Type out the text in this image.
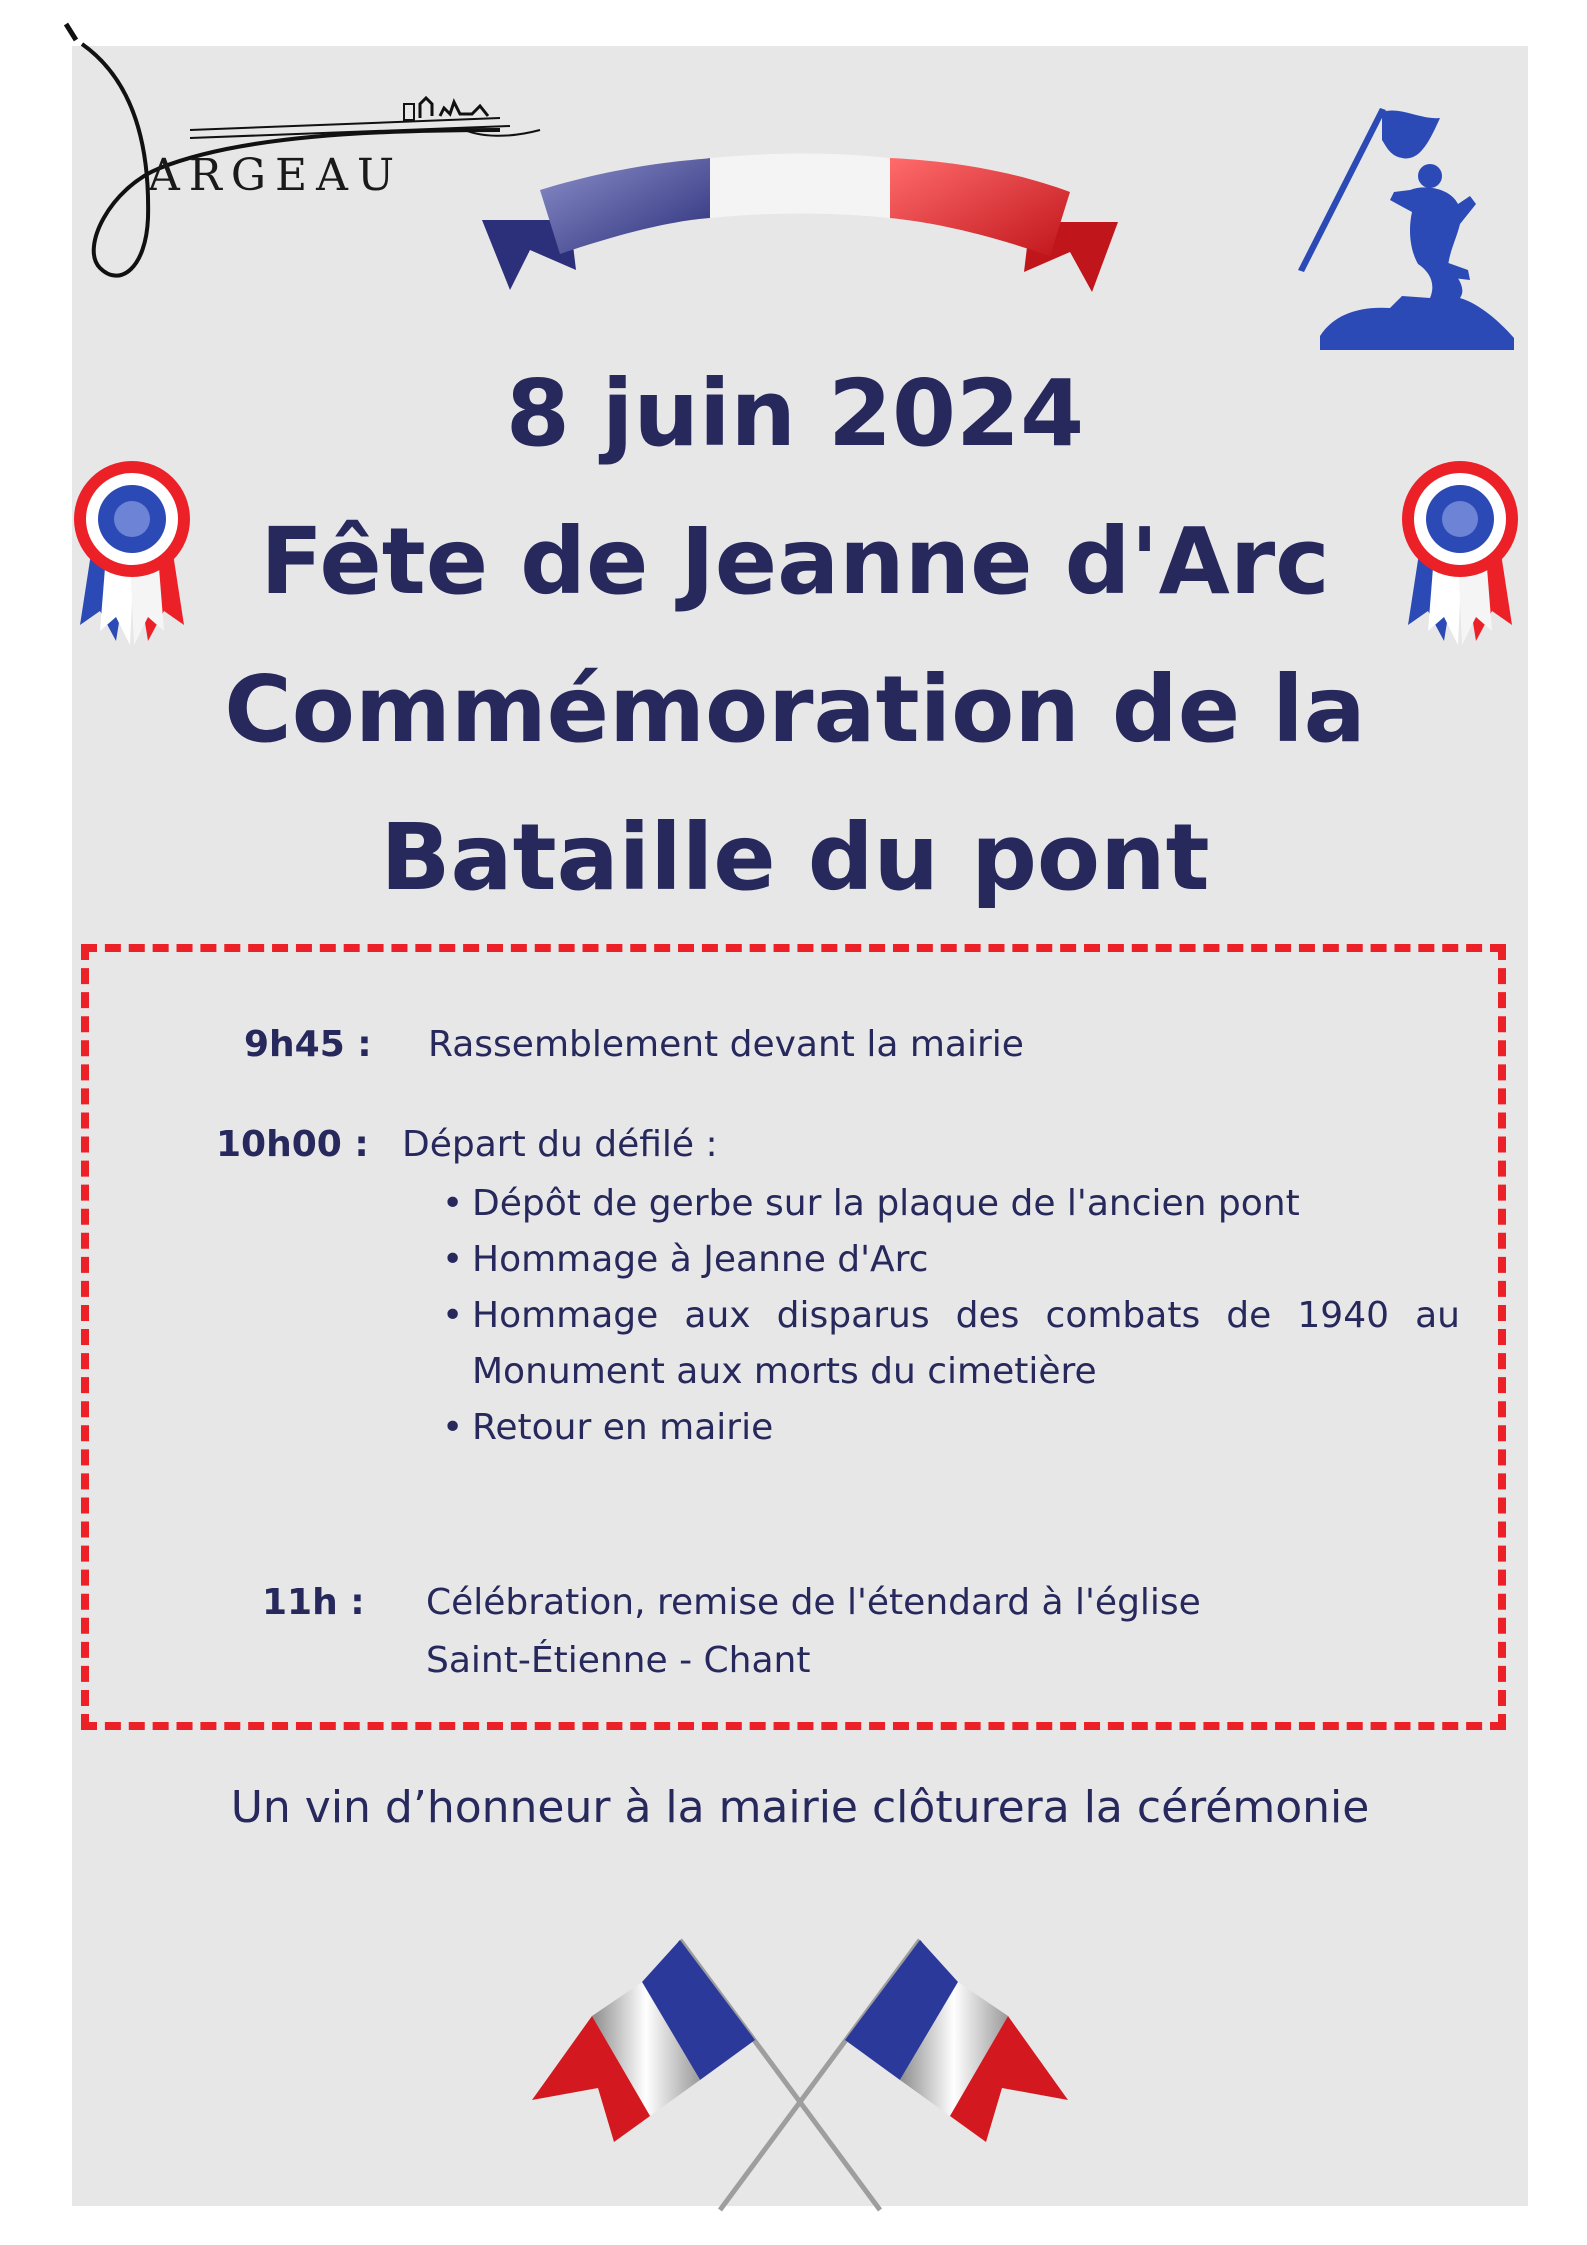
ARGEAU
8 juin 2024
Fête de Jeanne d'Arc
Commémoration de la
Bataille du pont
9h45 : Rassemblement devant la mairie
10h00 : Départ du défilé :
• Dépôt de gerbe sur la plaque de l'ancien pont
• Hommage à Jeanne d'Arc
• Hommage aux disparus des combats de 1940 au Monument aux morts du cimetière
• Retour en mairie
11h : Célébration, remise de l'étendard à l'église
Saint-Étienne - Chant
Un vin d’honneur à la mairie clôturera la cérémonie
